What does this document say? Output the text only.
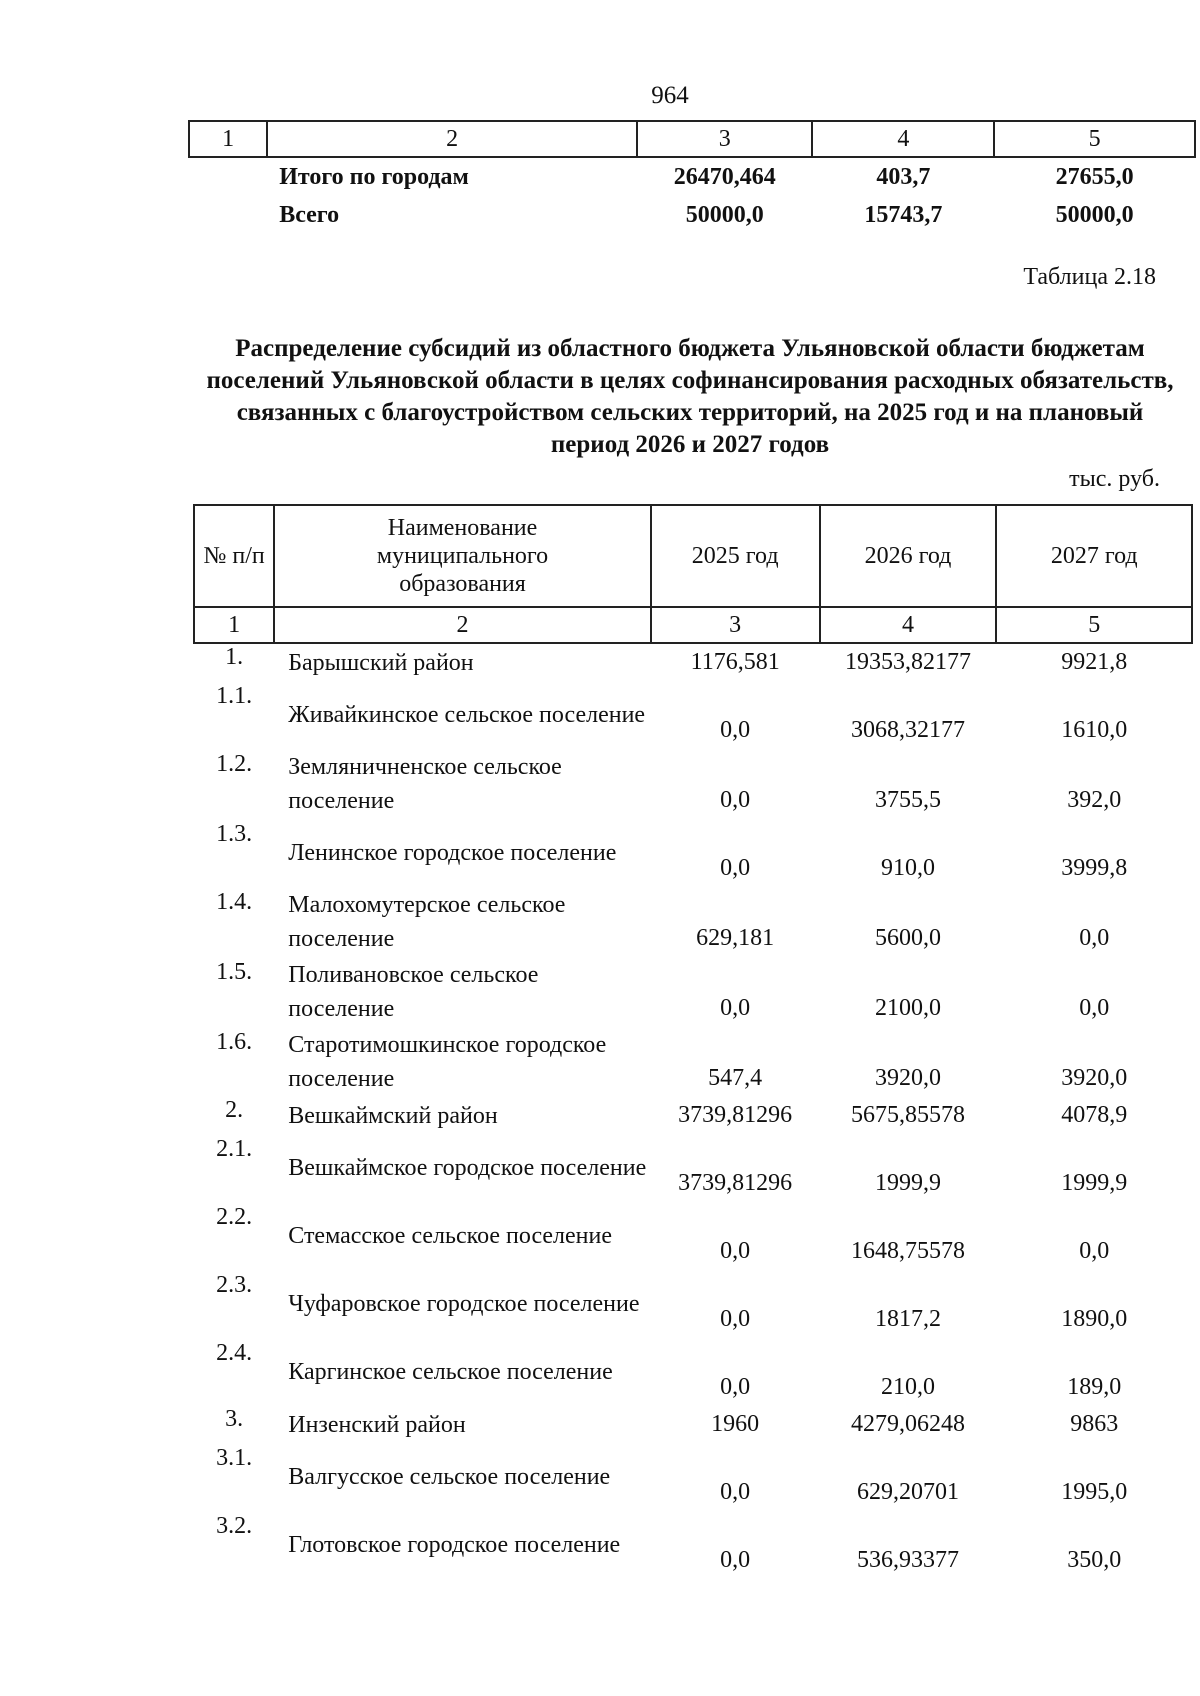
964
1	2	3	4	5
	Итого по городам	26470,464	403,7	27655,0
	Всего	50000,0	15743,7	50000,0
Таблица 2.18
Распределение субсидий из областного бюджета Ульяновской области бюджетам поселений Ульяновской области в целях софинансирования расходных обязательств, связанных с благоустройством сельских территорий, на 2025 год и на плановый период 2026 и 2027 годов
тыс. руб.
№ п/п	Наименование муниципального образования	2025 год	2026 год	2027 год
1	2	3	4	5
1.	Барышский район	1176,581	19353,82177	9921,8
1.1.	Живайкинское сельское поселение	0,0	3068,32177	1610,0
1.2.	Земляничненское сельское поселение	0,0	3755,5	392,0
1.3.	Ленинское городское поселение	0,0	910,0	3999,8
1.4.	Малохомутерское сельское поселение	629,181	5600,0	0,0
1.5.	Поливановское сельское поселение	0,0	2100,0	0,0
1.6.	Старотимошкинское городское поселение	547,4	3920,0	3920,0
2.	Вешкаймский район	3739,81296	5675,85578	4078,9
2.1.	Вешкаймское городское поселение	3739,81296	1999,9	1999,9
2.2.	Стемасское сельское поселение	0,0	1648,75578	0,0
2.3.	Чуфаровское городское поселение	0,0	1817,2	1890,0
2.4.	Каргинское сельское поселение	0,0	210,0	189,0
3.	Инзенский район	1960	4279,06248	9863
3.1.	Валгусское сельское поселение	0,0	629,20701	1995,0
3.2.	Глотовское городское поселение	0,0	536,93377	350,0
